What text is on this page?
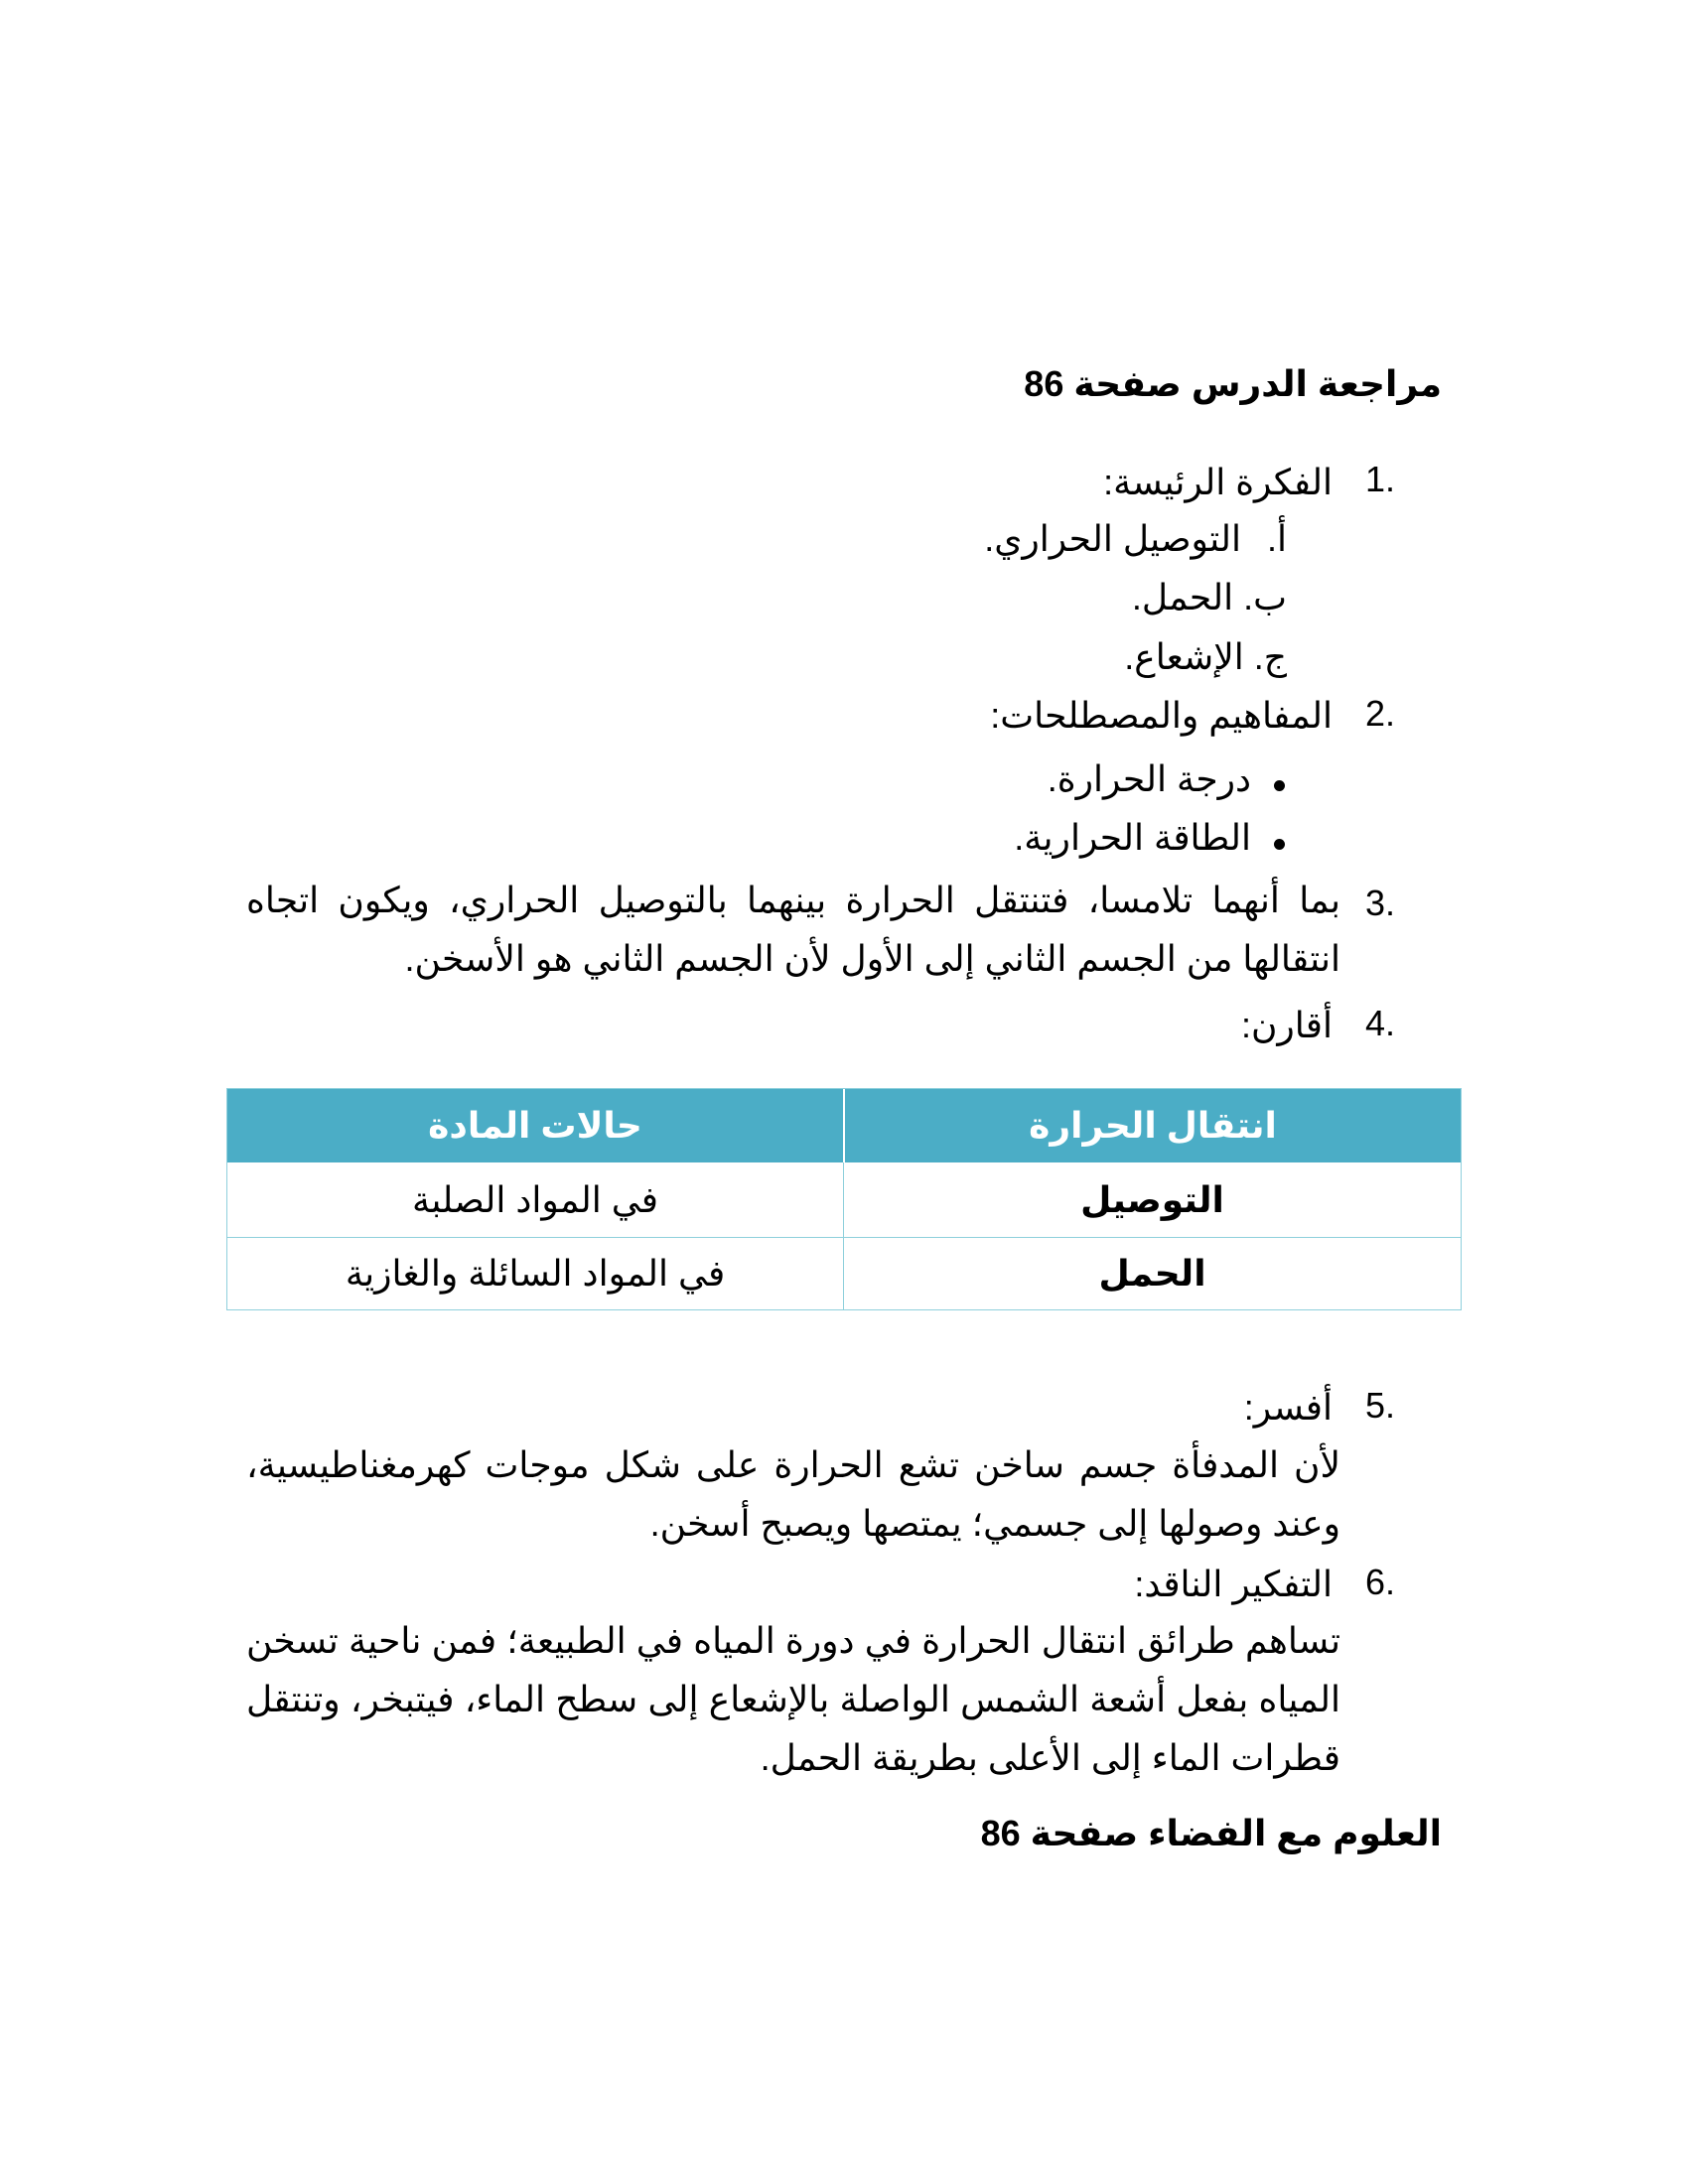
مراجعة الدرس صفحة 86
1.
الفكرة الرئيسة:
أ.
التوصيل الحراري.
ب. الحمل.
ج. الإشعاع.
2.
المفاهيم والمصطلحات:
درجة الحرارة.
الطاقة الحرارية.
3.
بما أنهما تلامسا، فتنتقل الحرارة بينهما بالتوصيل الحراري، ويكون اتجاه انتقالها من الجسم الثاني إلى الأول لأن الجسم الثاني هو الأسخن.
4.
أقارن:
انتقال الحرارة
حالات المادة
التوصيل
في المواد الصلبة
الحمل
في المواد السائلة والغازية
5.
أفسر:
لأن المدفأة جسم ساخن تشع الحرارة على شكل موجات كهرمغناطيسية، وعند وصولها إلى جسمي؛ يمتصها ويصبح أسخن.
6.
التفكير الناقد:
تساهم طرائق انتقال الحرارة في دورة المياه في الطبيعة؛ فمن ناحية تسخن المياه بفعل أشعة الشمس الواصلة بالإشعاع إلى سطح الماء، فيتبخر، وتنتقل قطرات الماء إلى الأعلى بطريقة الحمل.
العلوم مع الفضاء صفحة 86
